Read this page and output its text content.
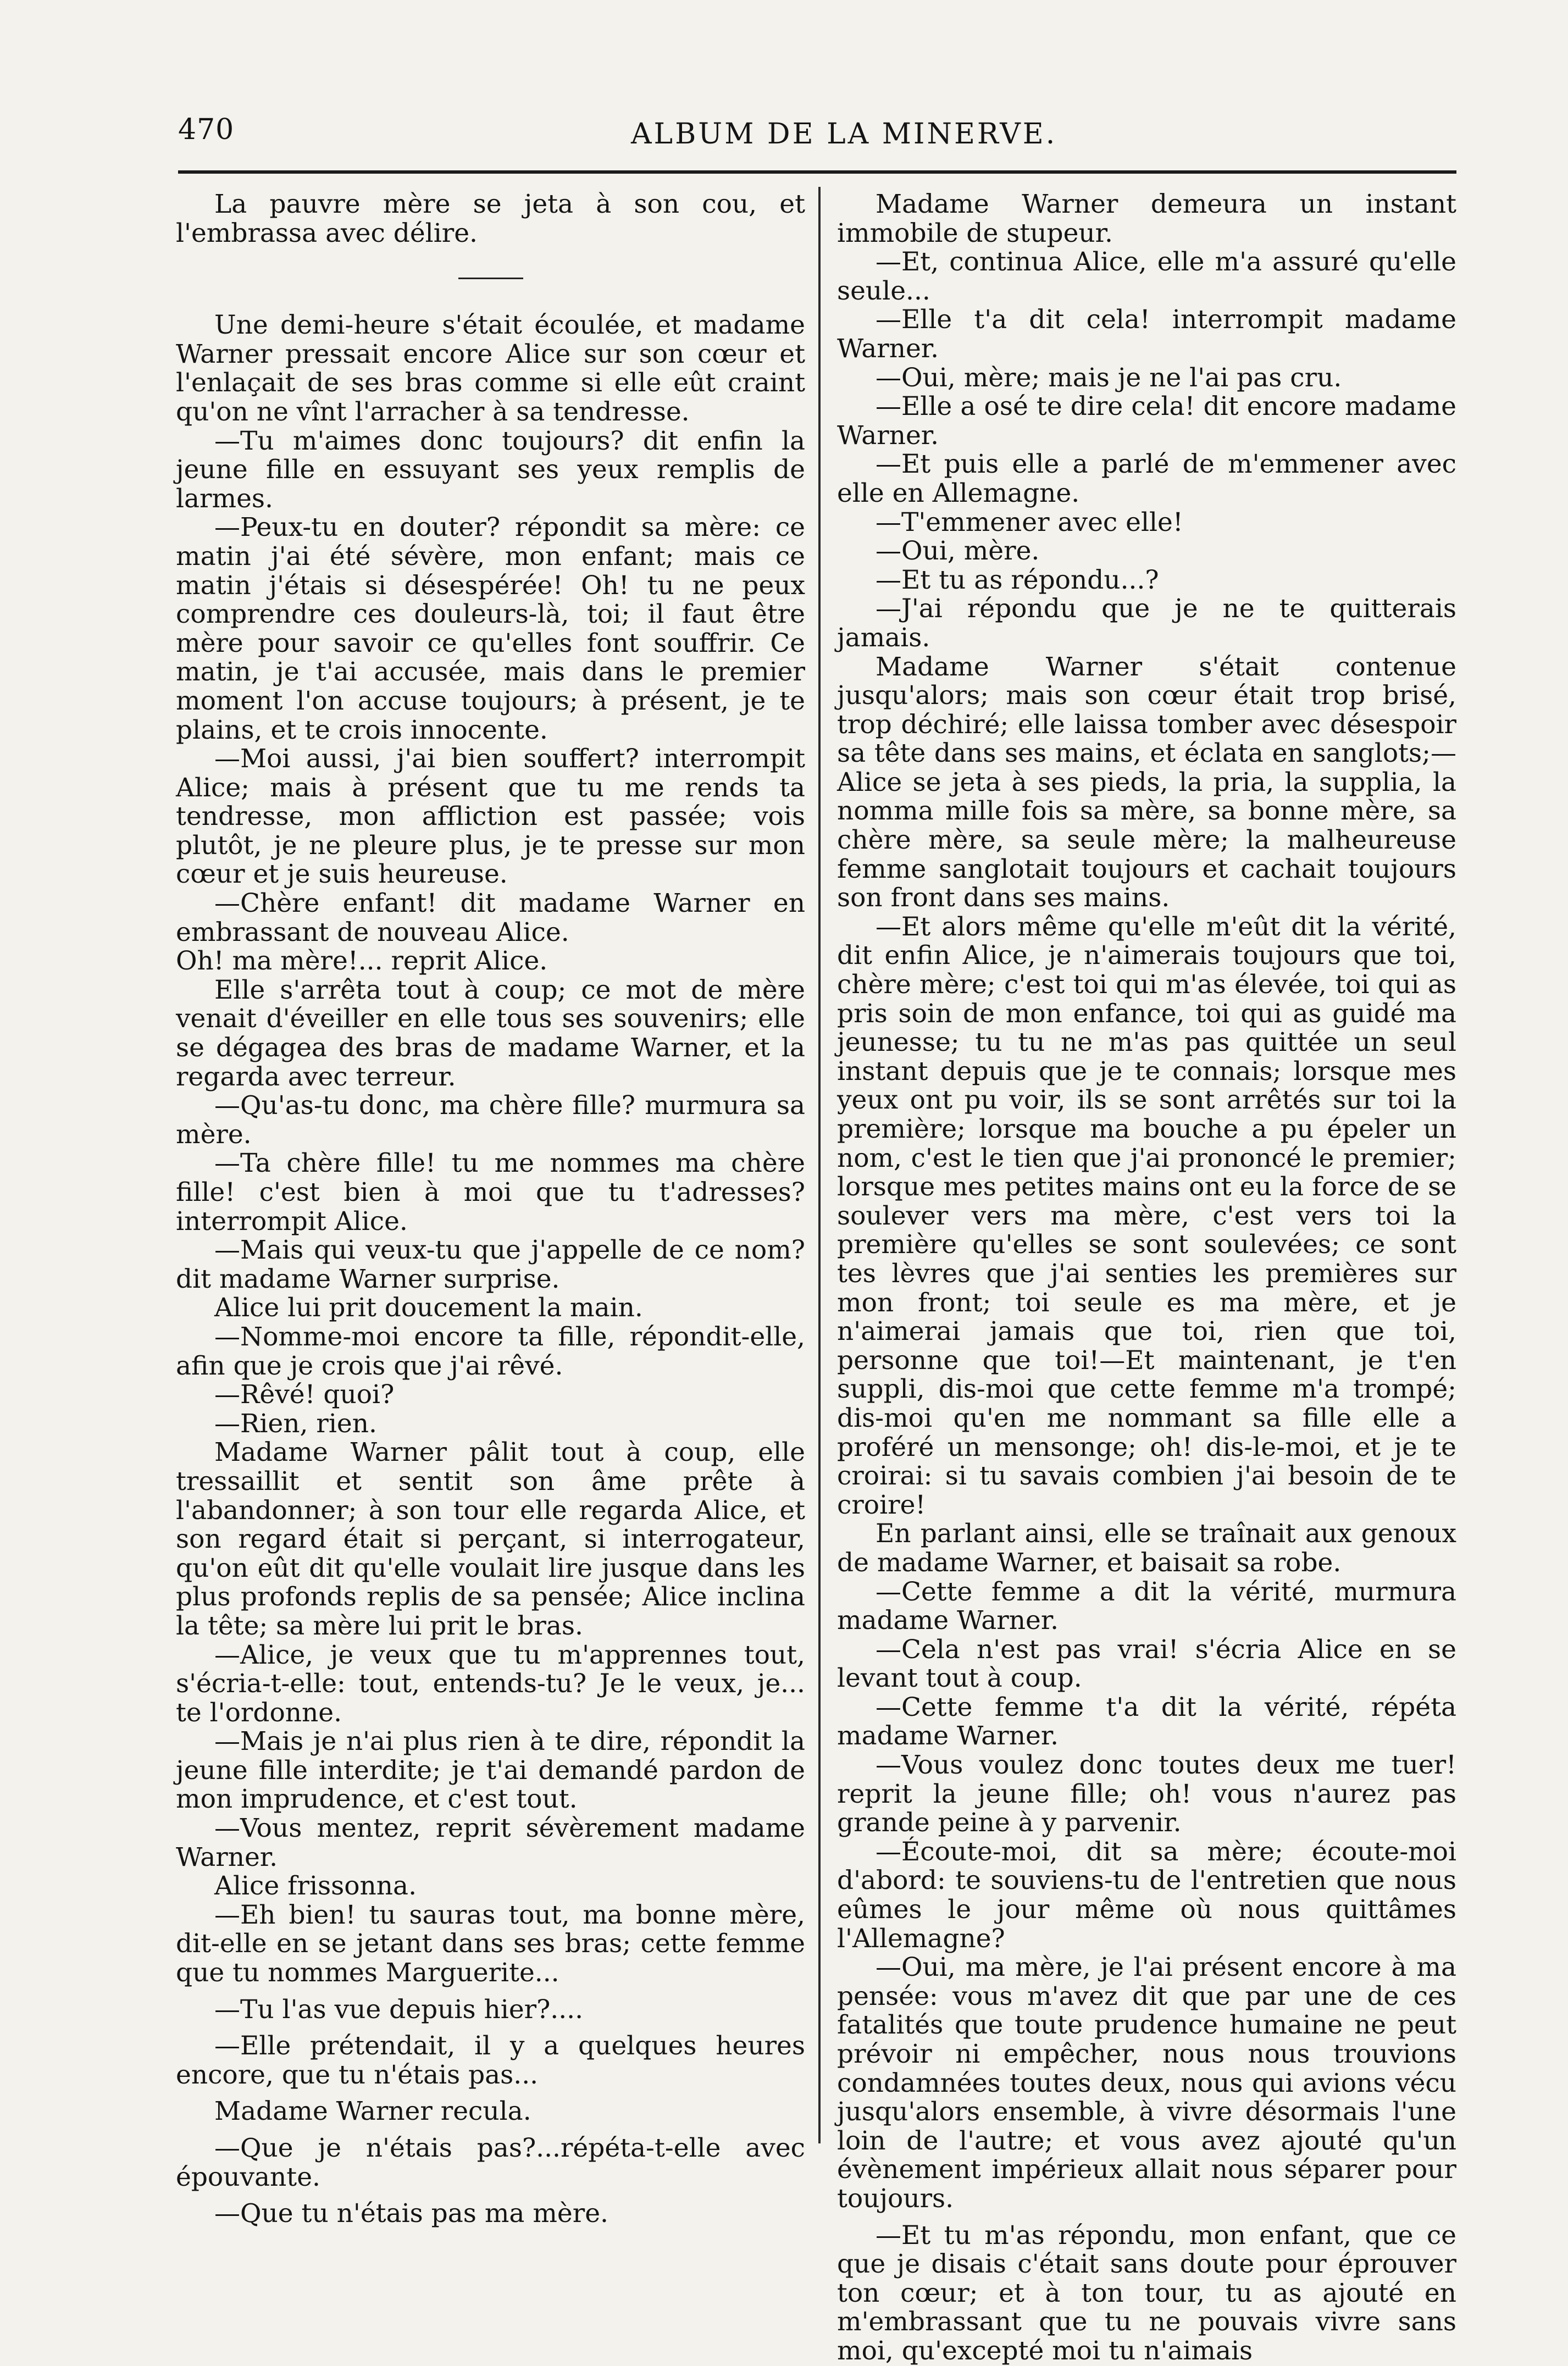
470	ALBUM DE LA MINERVE.

La pauvre mère se jeta à son cou, et l'embrassa avec délire.

Une demi-heure s'était écoulée, et madame Warner pressait encore Alice sur son cœur et l'enlaçait de ses bras comme si elle eût craint qu'on ne vînt l'arracher à sa tendresse.

—Tu m'aimes donc toujours? dit enfin la jeune fille en essuyant ses yeux remplis de larmes.

—Peux-tu en douter? répondit sa mère: ce matin j'ai été sévère, mon enfant; mais ce matin j'étais si désespérée! Oh! tu ne peux comprendre ces douleurs-là, toi; il faut être mère pour savoir ce qu'elles font souffrir. Ce matin, je t'ai accusée, mais dans le premier moment l'on accuse toujours; à présent, je te plains, et te crois innocente.

—Moi aussi, j'ai bien souffert? interrompit Alice; mais à présent que tu me rends ta tendresse, mon affliction est passée; vois plutôt, je ne pleure plus, je te presse sur mon cœur et je suis heureuse.

—Chère enfant! dit madame Warner en embrassant de nouveau Alice.

Oh! ma mère!... reprit Alice.

Elle s'arrêta tout à coup; ce mot de mère venait d'éveiller en elle tous ses souvenirs; elle se dégagea des bras de madame Warner, et la regarda avec terreur.

—Qu'as-tu donc, ma chère fille? murmura sa mère.

—Ta chère fille! tu me nommes ma chère fille! c'est bien à moi que tu t'adresses? interrompit Alice.

—Mais qui veux-tu que j'appelle de ce nom? dit madame Warner surprise.

Alice lui prit doucement la main.

—Nomme-moi encore ta fille, répondit-elle, afin que je crois que j'ai rêvé.

—Rêvé! quoi?

—Rien, rien.

Madame Warner pâlit tout à coup, elle tressaillit et sentit son âme prête à l'abandonner; à son tour elle regarda Alice, et son regard était si perçant, si interrogateur, qu'on eût dit qu'elle voulait lire jusque dans les plus profonds replis de sa pensée; Alice inclina la tête; sa mère lui prit le bras.

—Alice, je veux que tu m'apprennes tout, s'écria-t-elle: tout, entends-tu? Je le veux, je... te l'ordonne.

—Mais je n'ai plus rien à te dire, répondit la jeune fille interdite; je t'ai demandé pardon de mon imprudence, et c'est tout.

—Vous mentez, reprit sévèrement madame Warner.

Alice frissonna.

—Eh bien! tu sauras tout, ma bonne mère, dit-elle en se jetant dans ses bras; cette femme que tu nommes Marguerite...

—Tu l'as vue depuis hier?....

—Elle prétendait, il y a quelques heures encore, que tu n'étais pas...

Madame Warner recula.

—Que je n'étais pas?...répéta-t-elle avec épouvante.

—Que tu n'étais pas ma mère.

Madame Warner demeura un instant immobile de stupeur.

—Et, continua Alice, elle m'a assuré qu'elle seule...

—Elle t'a dit cela! interrompit madame Warner.

—Oui, mère; mais je ne l'ai pas cru.

—Elle a osé te dire cela! dit encore madame Warner.

—Et puis elle a parlé de m'emmener avec elle en Allemagne.

—T'emmener avec elle!

—Oui, mère.

—Et tu as répondu...?

—J'ai répondu que je ne te quitterais jamais.

Madame Warner s'était contenue jusqu'alors; mais son cœur était trop brisé, trop déchiré; elle laissa tomber avec désespoir sa tête dans ses mains, et éclata en sanglots;—Alice se jeta à ses pieds, la pria, la supplia, la nomma mille fois sa mère, sa bonne mère, sa chère mère, sa seule mère; la malheureuse femme sanglotait toujours et cachait toujours son front dans ses mains.

—Et alors même qu'elle m'eût dit la vérité, dit enfin Alice, je n'aimerais toujours que toi, chère mère; c'est toi qui m'as élevée, toi qui as pris soin de mon enfance, toi qui as guidé ma jeunesse; tu tu ne m'as pas quittée un seul instant depuis que je te connais; lorsque mes yeux ont pu voir, ils se sont arrêtés sur toi la première; lorsque ma bouche a pu épeler un nom, c'est le tien que j'ai prononcé le premier; lorsque mes petites mains ont eu la force de se soulever vers ma mère, c'est vers toi la première qu'elles se sont soulevées; ce sont tes lèvres que j'ai senties les premières sur mon front; toi seule es ma mère, et je n'aimerai jamais que toi, rien que toi, personne que toi!—Et maintenant, je t'en suppli, dis-moi que cette femme m'a trompé; dis-moi qu'en me nommant sa fille elle a proféré un mensonge; oh! dis-le-moi, et je te croirai: si tu savais combien j'ai besoin de te croire!

En parlant ainsi, elle se traînait aux genoux de madame Warner, et baisait sa robe.

—Cette femme a dit la vérité, murmura madame Warner.

—Cela n'est pas vrai! s'écria Alice en se levant tout à coup.

—Cette femme t'a dit la vérité, répéta madame Warner.

—Vous voulez donc toutes deux me tuer! reprit la jeune fille; oh! vous n'aurez pas grande peine à y parvenir.

—Écoute-moi, dit sa mère; écoute-moi d'abord: te souviens-tu de l'entretien que nous eûmes le jour même où nous quittâmes l'Allemagne?

—Oui, ma mère, je l'ai présent encore à ma pensée: vous m'avez dit que par une de ces fatalités que toute prudence humaine ne peut prévoir ni empêcher, nous nous trouvions condamnées toutes deux, nous qui avions vécu jusqu'alors ensemble, à vivre désormais l'une loin de l'autre; et vous avez ajouté qu'un évènement impérieux allait nous séparer pour toujours.

—Et tu m'as répondu, mon enfant, que ce que je disais c'était sans doute pour éprouver ton cœur; et à ton tour, tu as ajouté en m'embrassant que tu ne pouvais vivre sans moi, qu'excepté moi tu n'aimais
